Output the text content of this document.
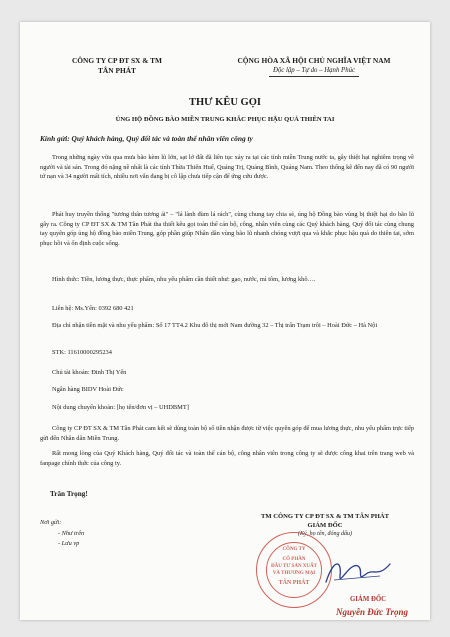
CÔNG TY CP ĐT SX & TM
TÂN PHÁT
CỘNG HÒA XÃ HỘI CHỦ NGHĨA VIỆT NAM
Độc lập – Tự do – Hạnh Phúc
THƯ KÊU GỌI
ỦNG HỘ ĐỒNG BÀO MIỀN TRUNG KHẮC PHỤC HẬU QUẢ THIÊN TAI
Kính gửi: Quý khách hàng, Quý đối tác và toàn thể nhân viên công ty
Trong những ngày vừa qua mưa bão kèm lũ lớn, sạt lở đất đã liên tục xảy ra tại các tỉnh miền Trung nước ta, gây thiệt hại nghiêm trọng về người và tài sản. Trong đó nặng nề nhất là các tỉnh Thừa Thiên Huế, Quảng Trị, Quảng Bình, Quảng Nam. Theo thống kê đến nay đã có 90 người tử nạn và 34 người mất tích, nhiều nơi vẫn đang bị cô lập chưa tiếp cận để ứng cứu được.
Phát huy truyền thống "tương thân tương ái" – "lá lành đùm lá rách", cùng chung tay chia sẻ, ủng hộ Đồng bào vùng bị thiệt hại do bão lũ gây ra. Công ty CP ĐT SX & TM Tân Phát tha thiết kêu gọi toàn thể cán bộ, công, nhân viên cùng các Quý khách hàng, Quý đối tác cùng chung tay quyên góp ủng hộ đồng bào miền Trung, góp phần giúp Nhân dân vùng bão lũ nhanh chóng vượt qua và khắc phục hậu quả do thiên tai, sớm phục hồi và ổn định cuộc sống.
Hình thức: Tiền, lương thực, thực phẩm, nhu yếu phẩm cần thiết như: gạo, nước, mì tôm, lương khô….
Liên hệ: Ms.Yến: 0392 680 421
Địa chỉ nhận tiền mặt và nhu yếu phẩm: Số 17 TT4.2 Khu đô thị mới Nam đường 32 – Thị trấn Trạm trôi – Hoài Đức – Hà Nội
STK: 11610000295234
Chủ tài khoản: Đinh Thị Yến
Ngân hàng BIDV Hoài Đức
Nội dung chuyển khoản: [họ tên/đơn vị – UHDBMT]
Công ty CP ĐT SX & TM Tân Phát cam kết sẽ dùng toàn bộ số tiền nhận được từ việc quyên góp để mua lương thực, nhu yếu phẩm trực tiếp gửi đến Nhân dân Miền Trung.
Rất mong lòng của Quý Khách hàng, Quý đối tác và toàn thể cán bộ, công nhân viên trong công ty sẽ được công khai trên trang web và fanpage chính thức của công ty.
Trân Trọng!
Nơi gửi:
- Như trên
- Lưu vp
TM CÔNG TY CP ĐT SX & TM TÂN PHÁT
GIÁM ĐỐC
(Ký, họ tên, đóng dấu)
CÔNG TY
CỔ PHẦN
ĐẦU TƯ SẢN XUẤT
VÀ THƯƠNG MẠI
TÂN PHÁT
GIÁM ĐỐC
Nguyễn Đức Trọng
